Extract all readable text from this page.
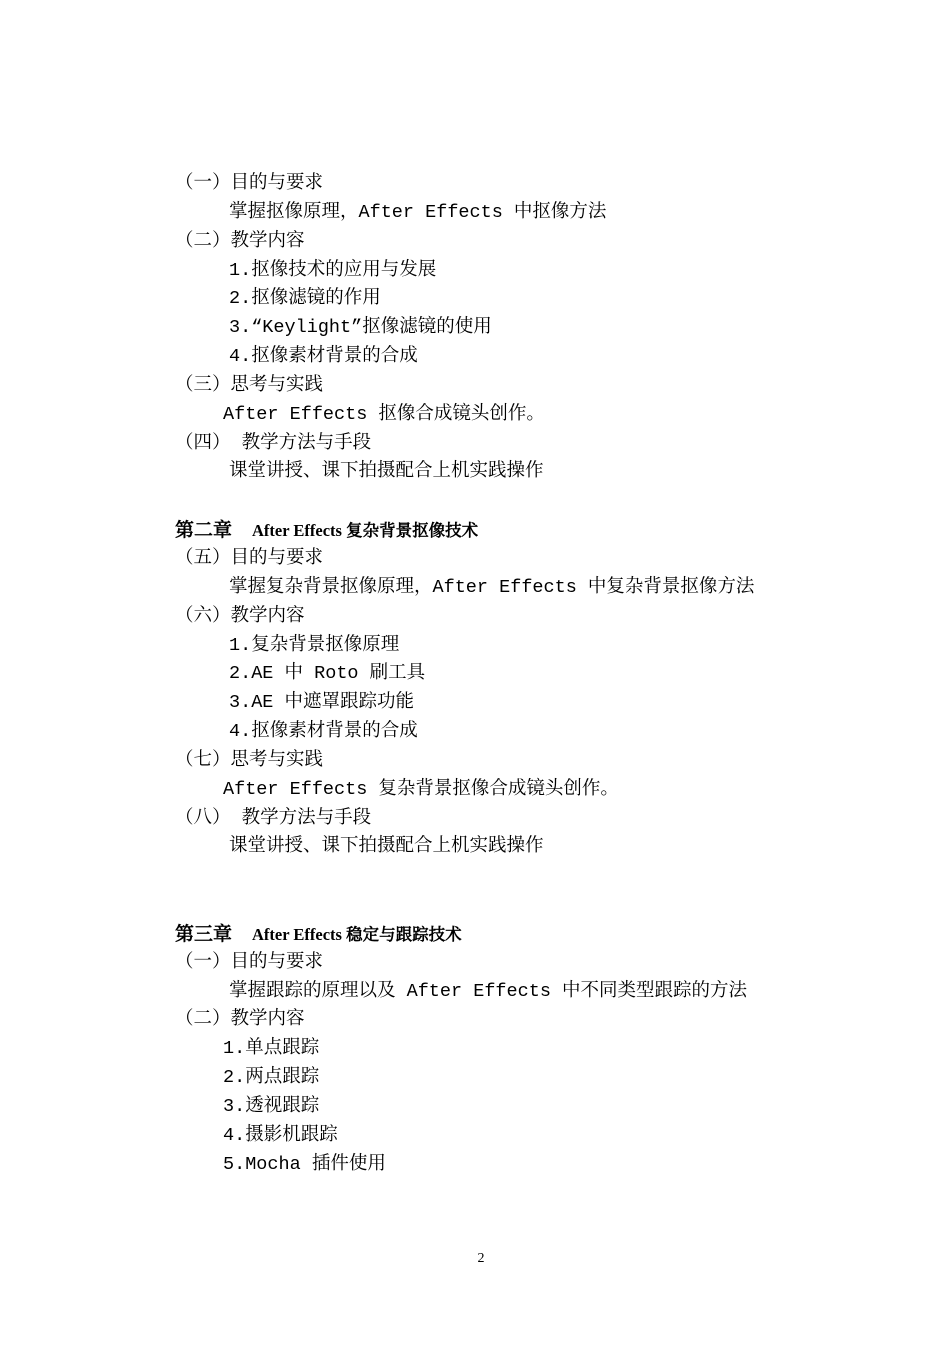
（一）目的与要求
掌握抠像原理，After Effects 中抠像方法
（二）教学内容
1.抠像技术的应用与发展
2.抠像滤镜的作用
3.“Keylight”抠像滤镜的使用
4.抠像素材背景的合成
（三）思考与实践
After Effects 抠像合成镜头创作。
（四） 教学方法与手段
课堂讲授、课下拍摄配合上机实践操作
第二章 After Effects 复杂背景抠像技术
（五）目的与要求
掌握复杂背景抠像原理，After Effects 中复杂背景抠像方法
（六）教学内容
1.复杂背景抠像原理
2.AE 中 Roto 刷工具
3.AE 中遮罩跟踪功能
4.抠像素材背景的合成
（七）思考与实践
After Effects 复杂背景抠像合成镜头创作。
（八） 教学方法与手段
课堂讲授、课下拍摄配合上机实践操作
第三章 After Effects 稳定与跟踪技术
（一）目的与要求
掌握跟踪的原理以及 After Effects 中不同类型跟踪的方法
（二）教学内容
1.单点跟踪
2.两点跟踪
3.透视跟踪
4.摄影机跟踪
5.Mocha 插件使用
2
